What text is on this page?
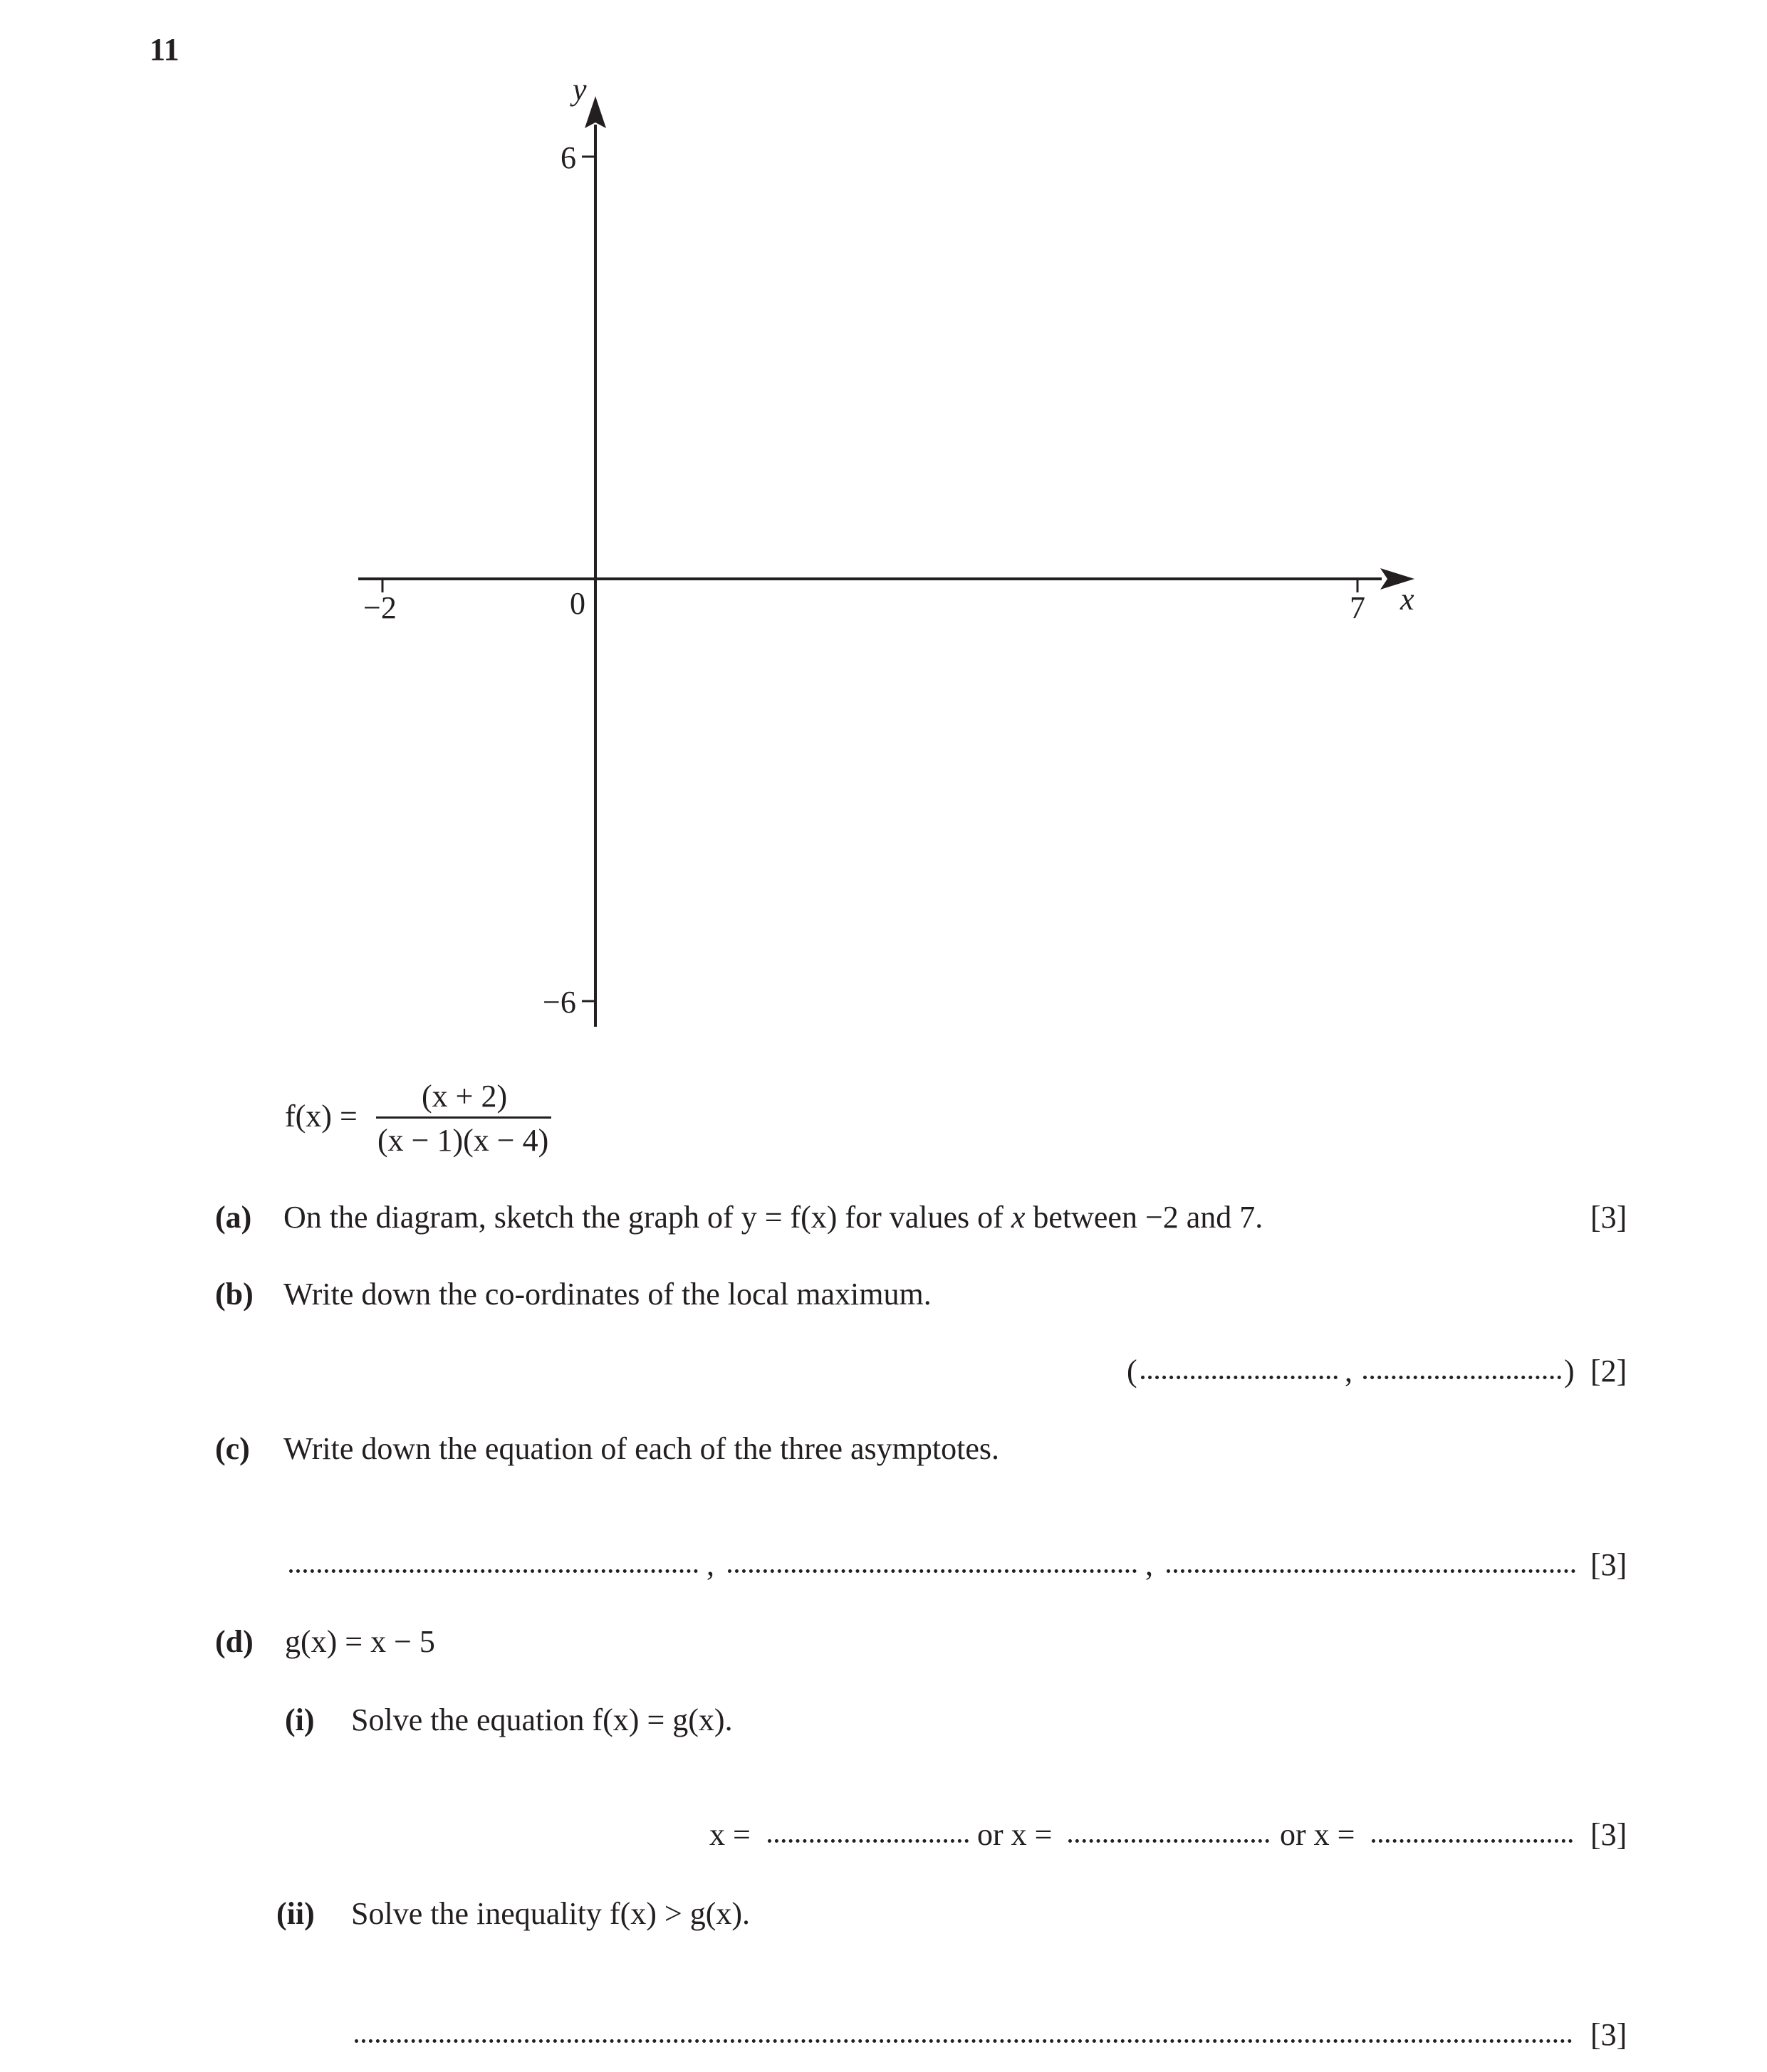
11
y
x
6
−6
0
−2	7
f(x) =
(x + 2)
(x − 1)(x − 4)
(a) On the diagram, sketch the graph of y = f(x) for values of x between −2 and 7.	[3]
(b) Write down the co-ordinates of the local maximum.
(	,	) [2]
(c) Write down the equation of each of the three asymptotes.
,	,	[3]
(d) g(x) = x − 5
(i) Solve the equation f(x) = g(x).
x =	or x =	or x =	[3]
(ii) Solve the inequality f(x) > g(x).
[3]
